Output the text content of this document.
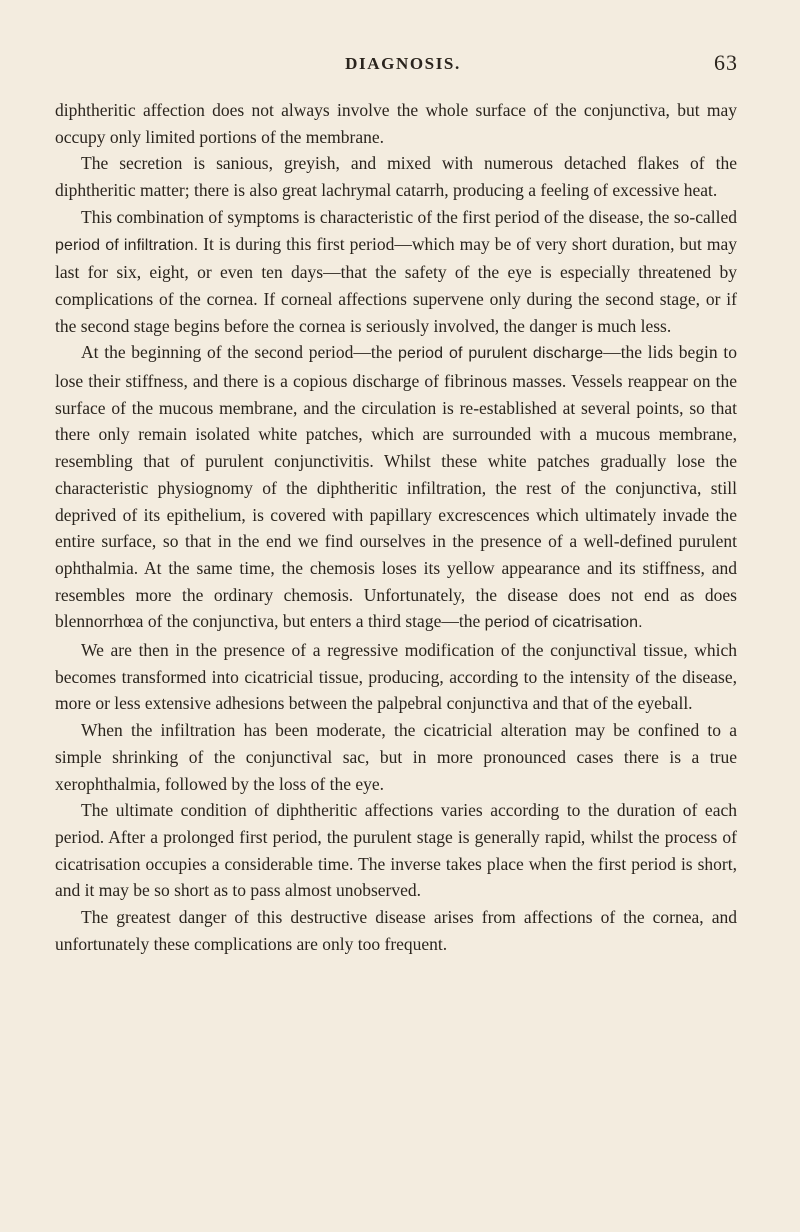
DIAGNOSIS.	63

diphtheritic affection does not always involve the whole surface of the conjunctiva, but may occupy only limited portions of the membrane.

The secretion is sanious, greyish, and mixed with numerous detached flakes of the diphtheritic matter; there is also great lachrymal catarrh, producing a feeling of excessive heat.

This combination of symptoms is characteristic of the first period of the disease, the so-called period of infiltration. It is during this first period—which may be of very short duration, but may last for six, eight, or even ten days—that the safety of the eye is especially threatened by complications of the cornea. If corneal affections supervene only during the second stage, or if the second stage begins before the cornea is seriously involved, the danger is much less.

At the beginning of the second period—the period of purulent discharge—the lids begin to lose their stiffness, and there is a copious discharge of fibrinous masses. Vessels reappear on the surface of the mucous membrane, and the circulation is re-established at several points, so that there only remain isolated white patches, which are surrounded with a mucous membrane, resembling that of purulent conjunctivitis. Whilst these white patches gradually lose the characteristic physiognomy of the diphtheritic infiltration, the rest of the conjunctiva, still deprived of its epithelium, is covered with papillary excrescences which ultimately invade the entire surface, so that in the end we find ourselves in the presence of a well-defined purulent ophthalmia. At the same time, the chemosis loses its yellow appearance and its stiffness, and resembles more the ordinary chemosis. Unfortunately, the disease does not end as does blennorrhœa of the conjunctiva, but enters a third stage—the period of cicatrisation.

We are then in the presence of a regressive modification of the conjunctival tissue, which becomes transformed into cicatricial tissue, producing, according to the intensity of the disease, more or less extensive adhesions between the palpebral conjunctiva and that of the eyeball.

When the infiltration has been moderate, the cicatricial alteration may be confined to a simple shrinking of the conjunctival sac, but in more pronounced cases there is a true xerophthalmia, followed by the loss of the eye.

The ultimate condition of diphtheritic affections varies according to the duration of each period. After a prolonged first period, the purulent stage is generally rapid, whilst the process of cicatrisation occupies a considerable time. The inverse takes place when the first period is short, and it may be so short as to pass almost unobserved.

The greatest danger of this destructive disease arises from affections of the cornea, and unfortunately these complications are only too frequent.
